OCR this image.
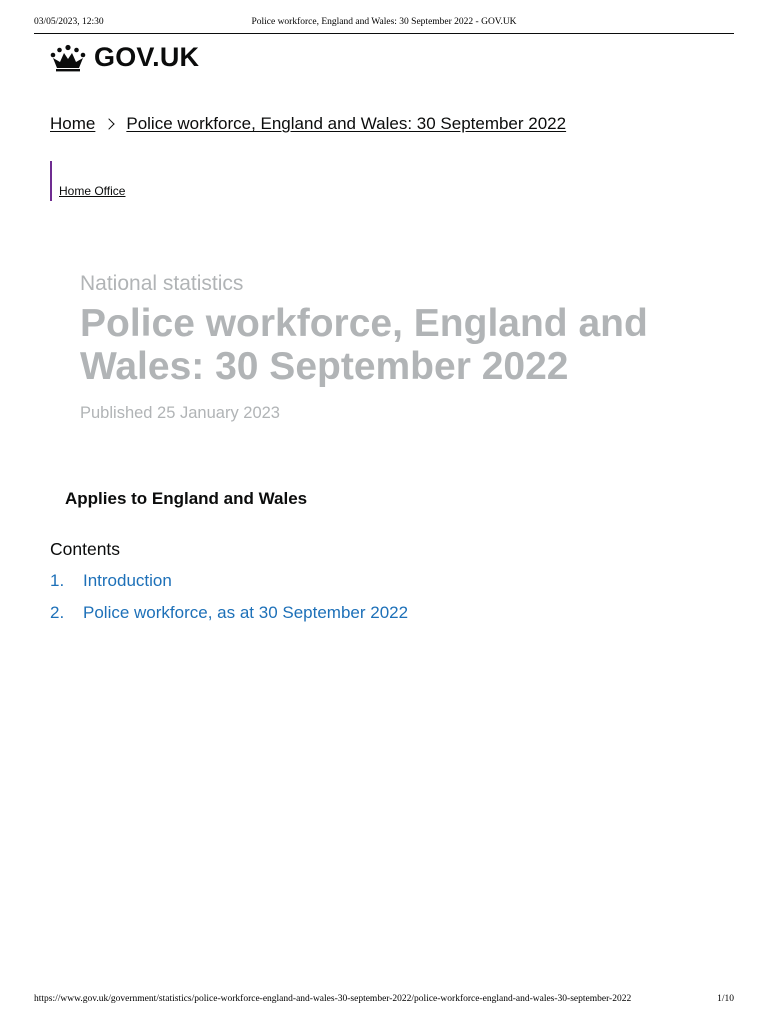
03/05/2023, 12:30	Police workforce, England and Wales: 30 September 2022 - GOV.UK
GOV.UK
Home Police workforce, England and Wales: 30 September 2022
Home Office

National statistics

Police workforce, England and Wales: 30 September 2022

Published 25 January 2023

Applies to England and Wales
Contents
1.	Introduction
2.	Police workforce, as at 30 September 2022
https://www.gov.uk/government/statistics/police-workforce-england-and-wales-30-september-2022/police-workforce-england-and-wales-30-september-2022	1/10
